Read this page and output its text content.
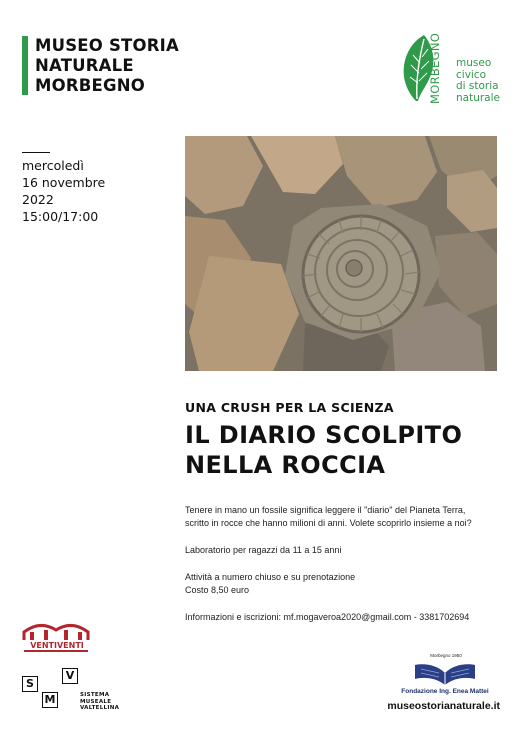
MUSEO STORIA
NATURALE
MORBEGNO	MORBEGNO museo
civico
di storia
naturale
mercoledì
16 novembre
2022
15:00/17:00
UNA CRUSH PER LA SCIENZA
IL DIARIO SCOLPITO
NELLA ROCCIA

Tenere in mano un fossile significa leggere il "diario" del Pianeta Terra,

scritto in rocce che hanno milioni di anni. Volete scoprirlo insieme a noi?

Laboratorio per ragazzi da 11 a 15 anni

Attività a numero chiuso e su prenotazione

Costo 8,50 euro

Informazioni e iscrizioni: mf.mogaveroa2020@gmail.com - 3381702694

VENTIVENTI
S
M
V
SISTEMA
MUSEALE
VALTELLINA
Morbegno 1950
Fondazione Ing. Enea Mattei
museostorianaturale.it
